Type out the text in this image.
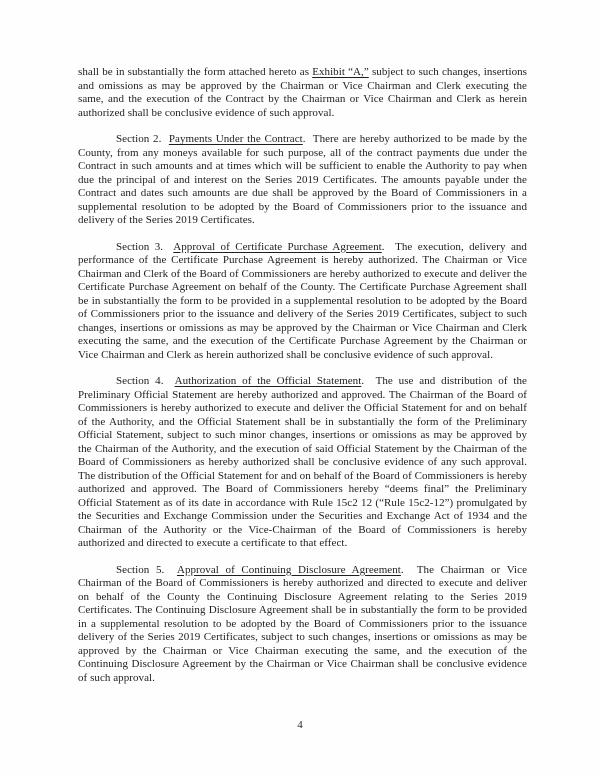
shall be in substantially the form attached hereto as Exhibit “A,” subject to such changes, insertions and omissions as may be approved by the Chairman or Vice Chairman and Clerk executing the same, and the execution of the Contract by the Chairman or Vice Chairman and Clerk as herein authorized shall be conclusive evidence of such approval.

Section 2.  Payments Under the Contract.  There are hereby authorized to be made by the County, from any moneys available for such purpose, all of the contract payments due under the Contract in such amounts and at times which will be sufficient to enable the Authority to pay when due the principal of and interest on the Series 2019 Certificates. The amounts payable under the Contract and dates such amounts are due shall be approved by the Board of Commissioners in a supplemental resolution to be adopted by the Board of Commissioners prior to the issuance and delivery of the Series 2019 Certificates.

Section 3.  Approval of Certificate Purchase Agreement.  The execution, delivery and performance of the Certificate Purchase Agreement is hereby authorized. The Chairman or Vice Chairman and Clerk of the Board of Commissioners are hereby authorized to execute and deliver the Certificate Purchase Agreement on behalf of the County. The Certificate Purchase Agreement shall be in substantially the form to be provided in a supplemental resolution to be adopted by the Board of Commissioners prior to the issuance and delivery of the Series 2019 Certificates, subject to such changes, insertions or omissions as may be approved by the Chairman or Vice Chairman and Clerk executing the same, and the execution of the Certificate Purchase Agreement by the Chairman or Vice Chairman and Clerk as herein authorized shall be conclusive evidence of such approval.

Section 4.  Authorization of the Official Statement.  The use and distribution of the Preliminary Official Statement are hereby authorized and approved. The Chairman of the Board of Commissioners is hereby authorized to execute and deliver the Official Statement for and on behalf of the Authority, and the Official Statement shall be in substantially the form of the Preliminary Official Statement, subject to such minor changes, insertions or omissions as may be approved by the Chairman of the Authority, and the execution of said Official Statement by the Chairman of the Board of Commissioners as hereby authorized shall be conclusive evidence of any such approval. The distribution of the Official Statement for and on behalf of the Board of Commissioners is hereby authorized and approved. The Board of Commissioners hereby “deems final” the Preliminary Official Statement as of its date in accordance with Rule 15c2 12 (“Rule 15c2-12”) promulgated by the Securities and Exchange Commission under the Securities and Exchange Act of 1934 and the Chairman of the Authority or the Vice-Chairman of the Board of Commissioners is hereby authorized and directed to execute a certificate to that effect.

Section 5.  Approval of Continuing Disclosure Agreement.  The Chairman or Vice Chairman of the Board of Commissioners is hereby authorized and directed to execute and deliver on behalf of the County the Continuing Disclosure Agreement relating to the Series 2019 Certificates. The Continuing Disclosure Agreement shall be in substantially the form to be provided in a supplemental resolution to be adopted by the Board of Commissioners prior to the issuance delivery of the Series 2019 Certificates, subject to such changes, insertions or omissions as may be approved by the Chairman or Vice Chairman executing the same, and the execution of the Continuing Disclosure Agreement by the Chairman or Vice Chairman shall be conclusive evidence of such approval.

4
